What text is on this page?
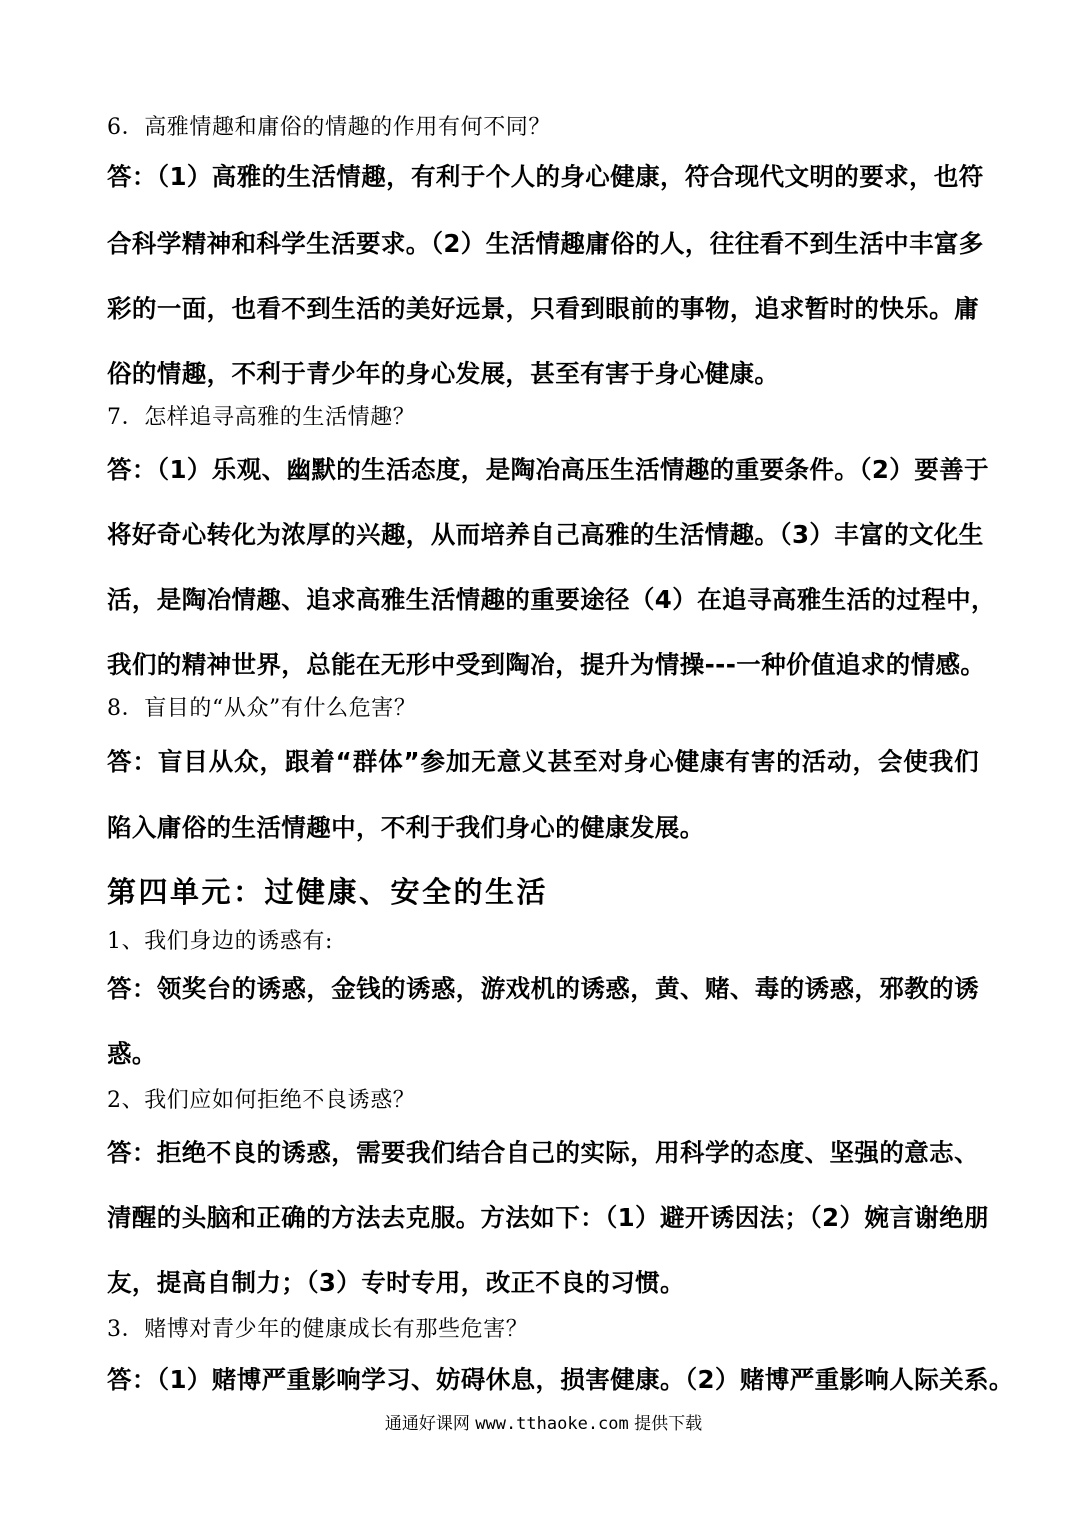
6．高雅情趣和庸俗的情趣的作用有何不同？
答：（1）高雅的生活情趣，有利于个人的身心健康，符合现代文明的要求，也符
合科学精神和科学生活要求。（2）生活情趣庸俗的人，往往看不到生活中丰富多
彩的一面，也看不到生活的美好远景，只看到眼前的事物，追求暂时的快乐。庸
俗的情趣，不利于青少年的身心发展，甚至有害于身心健康。
7．怎样追寻高雅的生活情趣？
答：（1）乐观、幽默的生活态度，是陶冶高压生活情趣的重要条件。（2）要善于
将好奇心转化为浓厚的兴趣，从而培养自己高雅的生活情趣。（3）丰富的文化生
活，是陶冶情趣、追求高雅生活情趣的重要途径（4）在追寻高雅生活的过程中，
我们的精神世界，总能在无形中受到陶冶，提升为情操---一种价值追求的情感。
8．盲目的“从众”有什么危害？
答：盲目从众，跟着“群体”参加无意义甚至对身心健康有害的活动，会使我们
陷入庸俗的生活情趣中，不利于我们身心的健康发展。
第四单元：过健康、安全的生活
1、我们身边的诱惑有:
答：领奖台的诱惑，金钱的诱惑，游戏机的诱惑，黄、赌、毒的诱惑，邪教的诱
惑。
2、我们应如何拒绝不良诱惑？
答：拒绝不良的诱惑，需要我们结合自己的实际，用科学的态度、坚强的意志、
清醒的头脑和正确的方法去克服。方法如下：（1）避开诱因法；（2）婉言谢绝朋
友，提高自制力；（3）专时专用，改正不良的习惯。
3．赌博对青少年的健康成长有那些危害？
答：（1）赌博严重影响学习、妨碍休息，损害健康。（2）赌博严重影响人际关系。
通通好课网 www.tthaoke.com 提供下载
